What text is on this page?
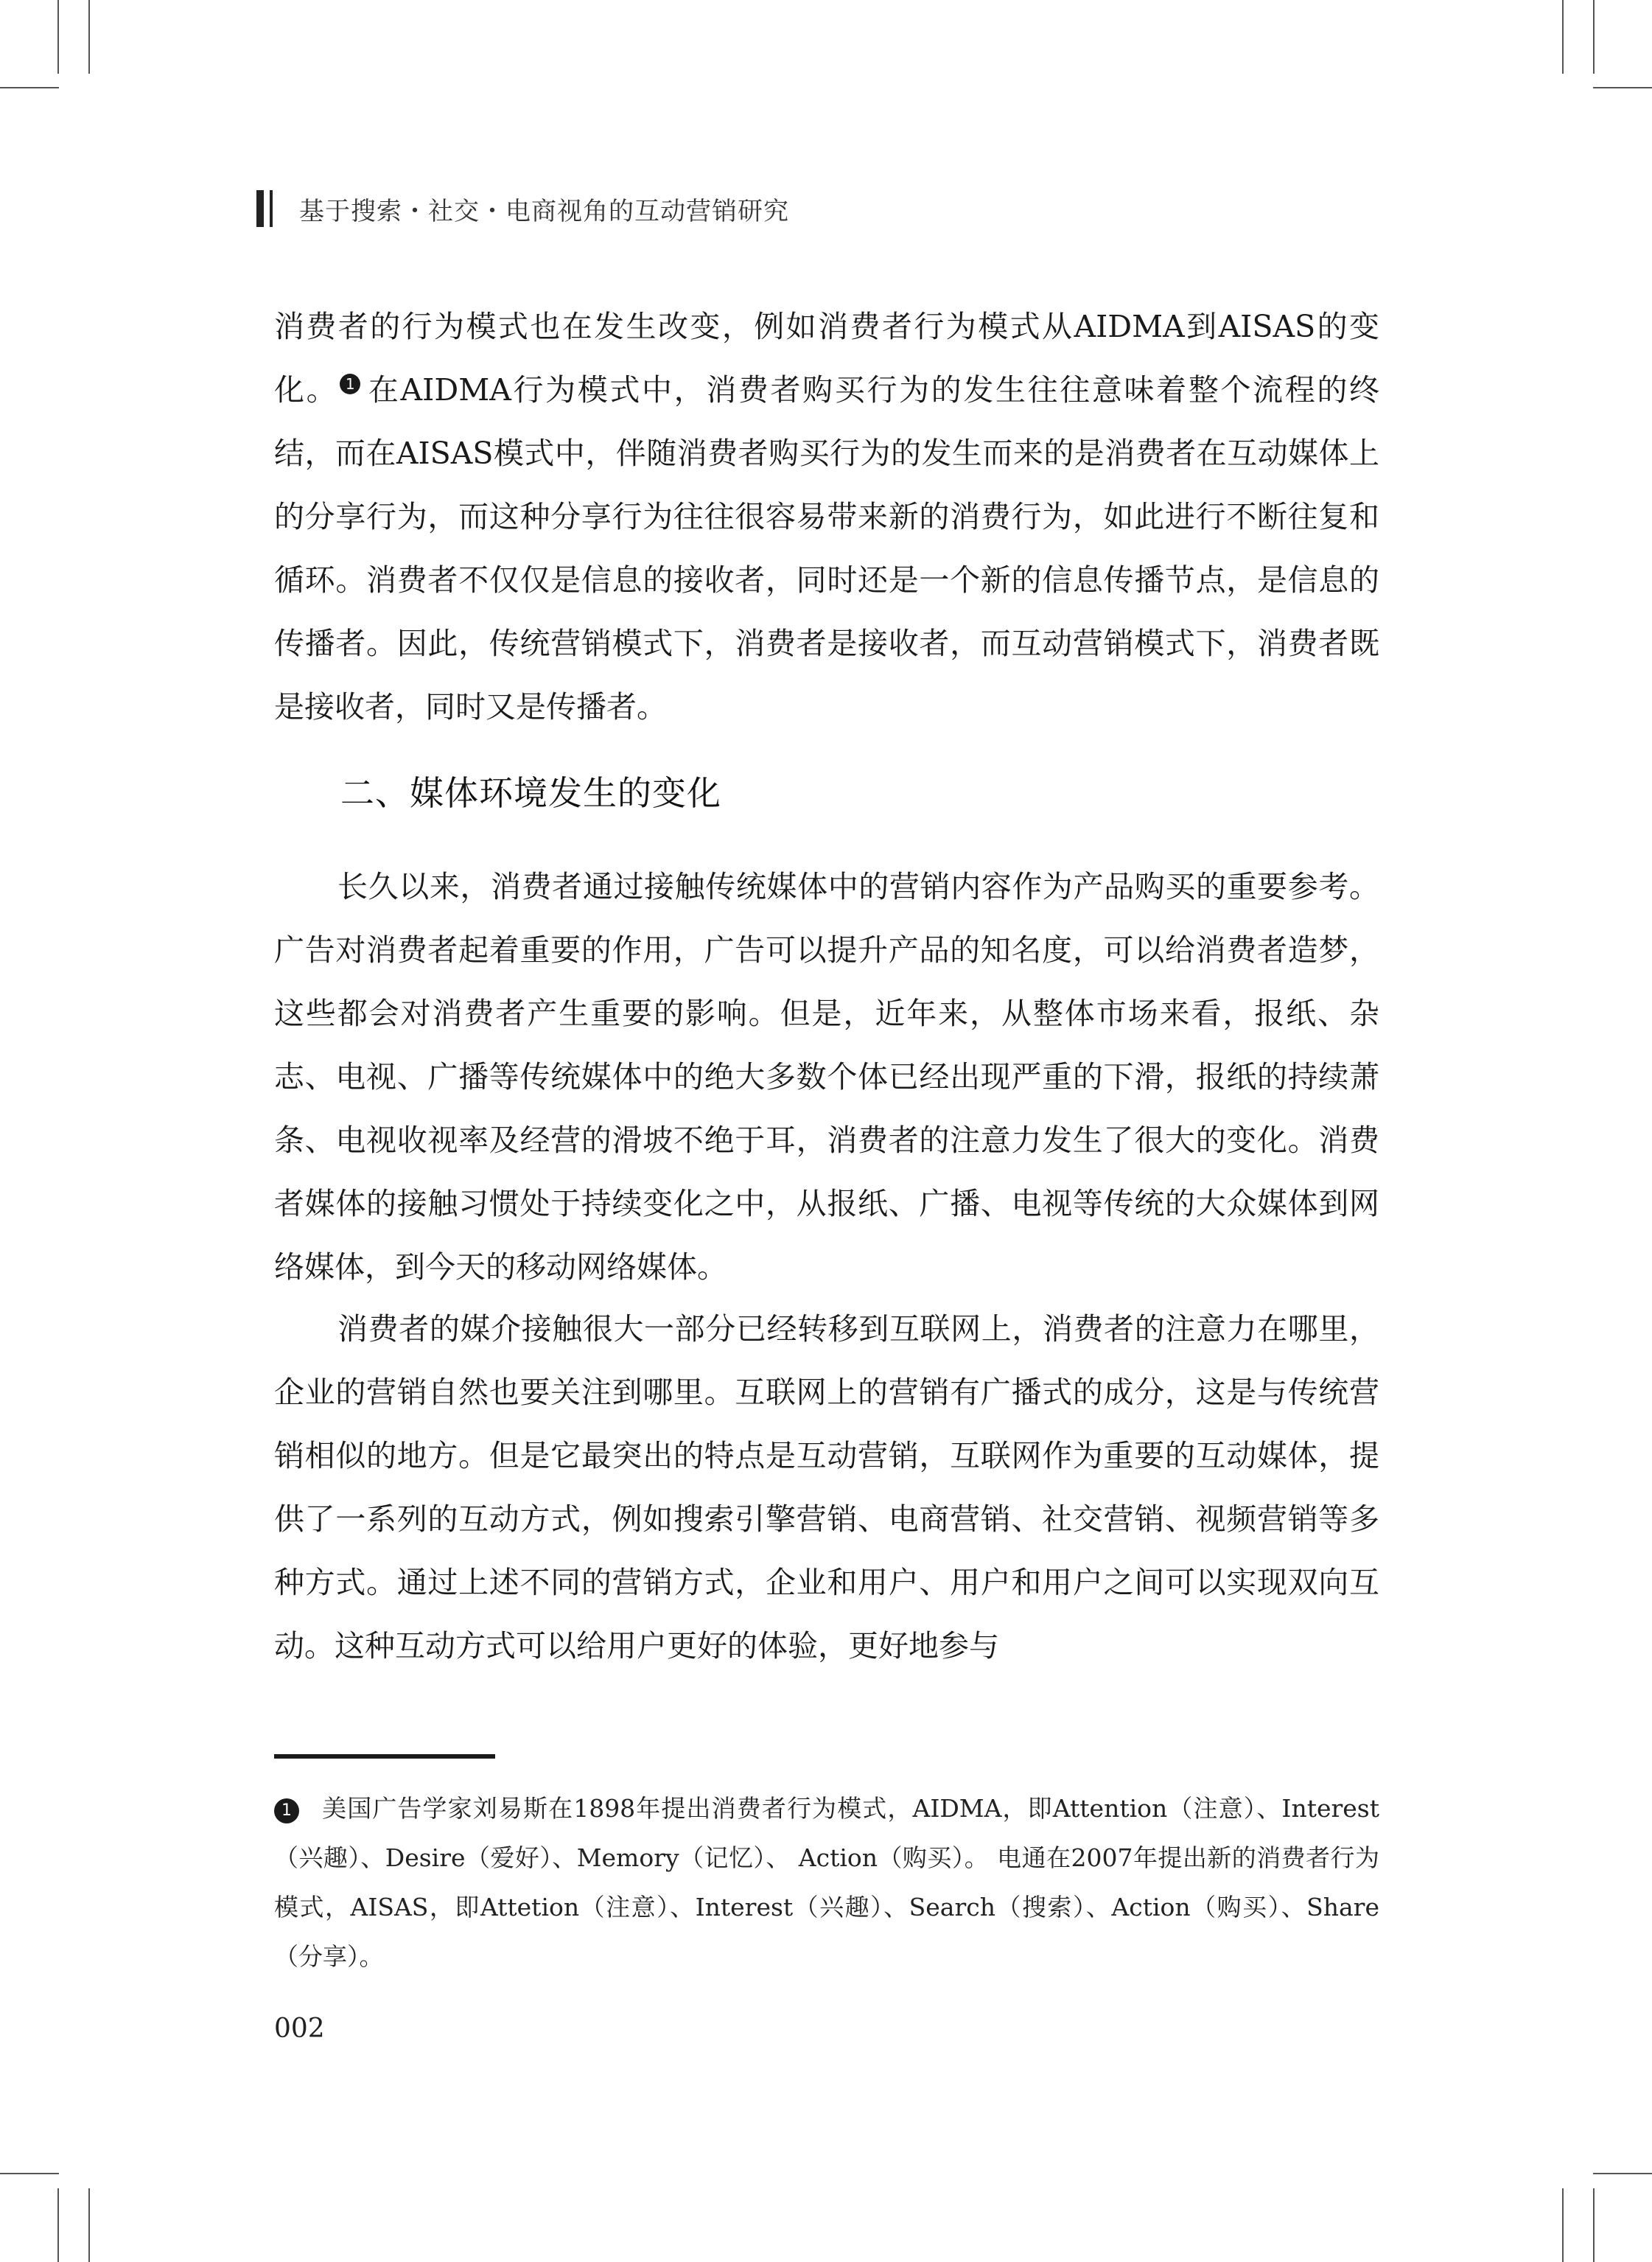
基于搜索・社交・电商视角的互动营销研究
消费者的行为模式也在发生改变，例如消费者行为模式从AIDMA到AISAS的变化。 1 在AIDMA行为模式中，消费者购买行为的发生往往意味着整个流程的终结，而在AISAS模式中，伴随消费者购买行为的发生而来的是消费者在互动媒体上的分享行为，而这种分享行为往往很容易带来新的消费行为，如此进行不断往复和循环。消费者不仅仅是信息的接收者，同时还是一个新的信息传播节点，是信息的传播者。因此，传统营销模式下，消费者是接收者，而互动营销模式下，消费者既是接收者，同时又是传播者。
二、媒体环境发生的变化
长久以来，消费者通过接触传统媒体中的营销内容作为产品购买的重要参考。广告对消费者起着重要的作用，广告可以提升产品的知名度，可以给消费者造梦，这些都会对消费者产生重要的影响。但是，近年来，从整体市场来看，报纸、杂志、电视、广播等传统媒体中的绝大多数个体已经出现严重的下滑，报纸的持续萧条、电视收视率及经营的滑坡不绝于耳，消费者的注意力发生了很大的变化。消费者媒体的接触习惯处于持续变化之中，从报纸、广播、电视等传统的大众媒体到网络媒体，到今天的移动网络媒体。
消费者的媒介接触很大一部分已经转移到互联网上，消费者的注意力在哪里，企业的营销自然也要关注到哪里。互联网上的营销有广播式的成分，这是与传统营销相似的地方。但是它最突出的特点是互动营销，互联网作为重要的互动媒体，提供了一系列的互动方式，例如搜索引擎营销、电商营销、社交营销、视频营销等多种方式。通过上述不同的营销方式，企业和用户、用户和用户之间可以实现双向互动。这种互动方式可以给用户更好的体验，更好地参与
1 美国广告学家刘易斯在1898年提出消费者行为模式，AIDMA，即Attention（注意）、Interest（兴趣）、Desire（爱好）、Memory（记忆）、 Action（购买）。 电通在2007年提出新的消费者行为模式，AISAS，即Attetion（注意）、Interest（兴趣）、Search（搜索）、Action（购买）、Share（分享）。
002
